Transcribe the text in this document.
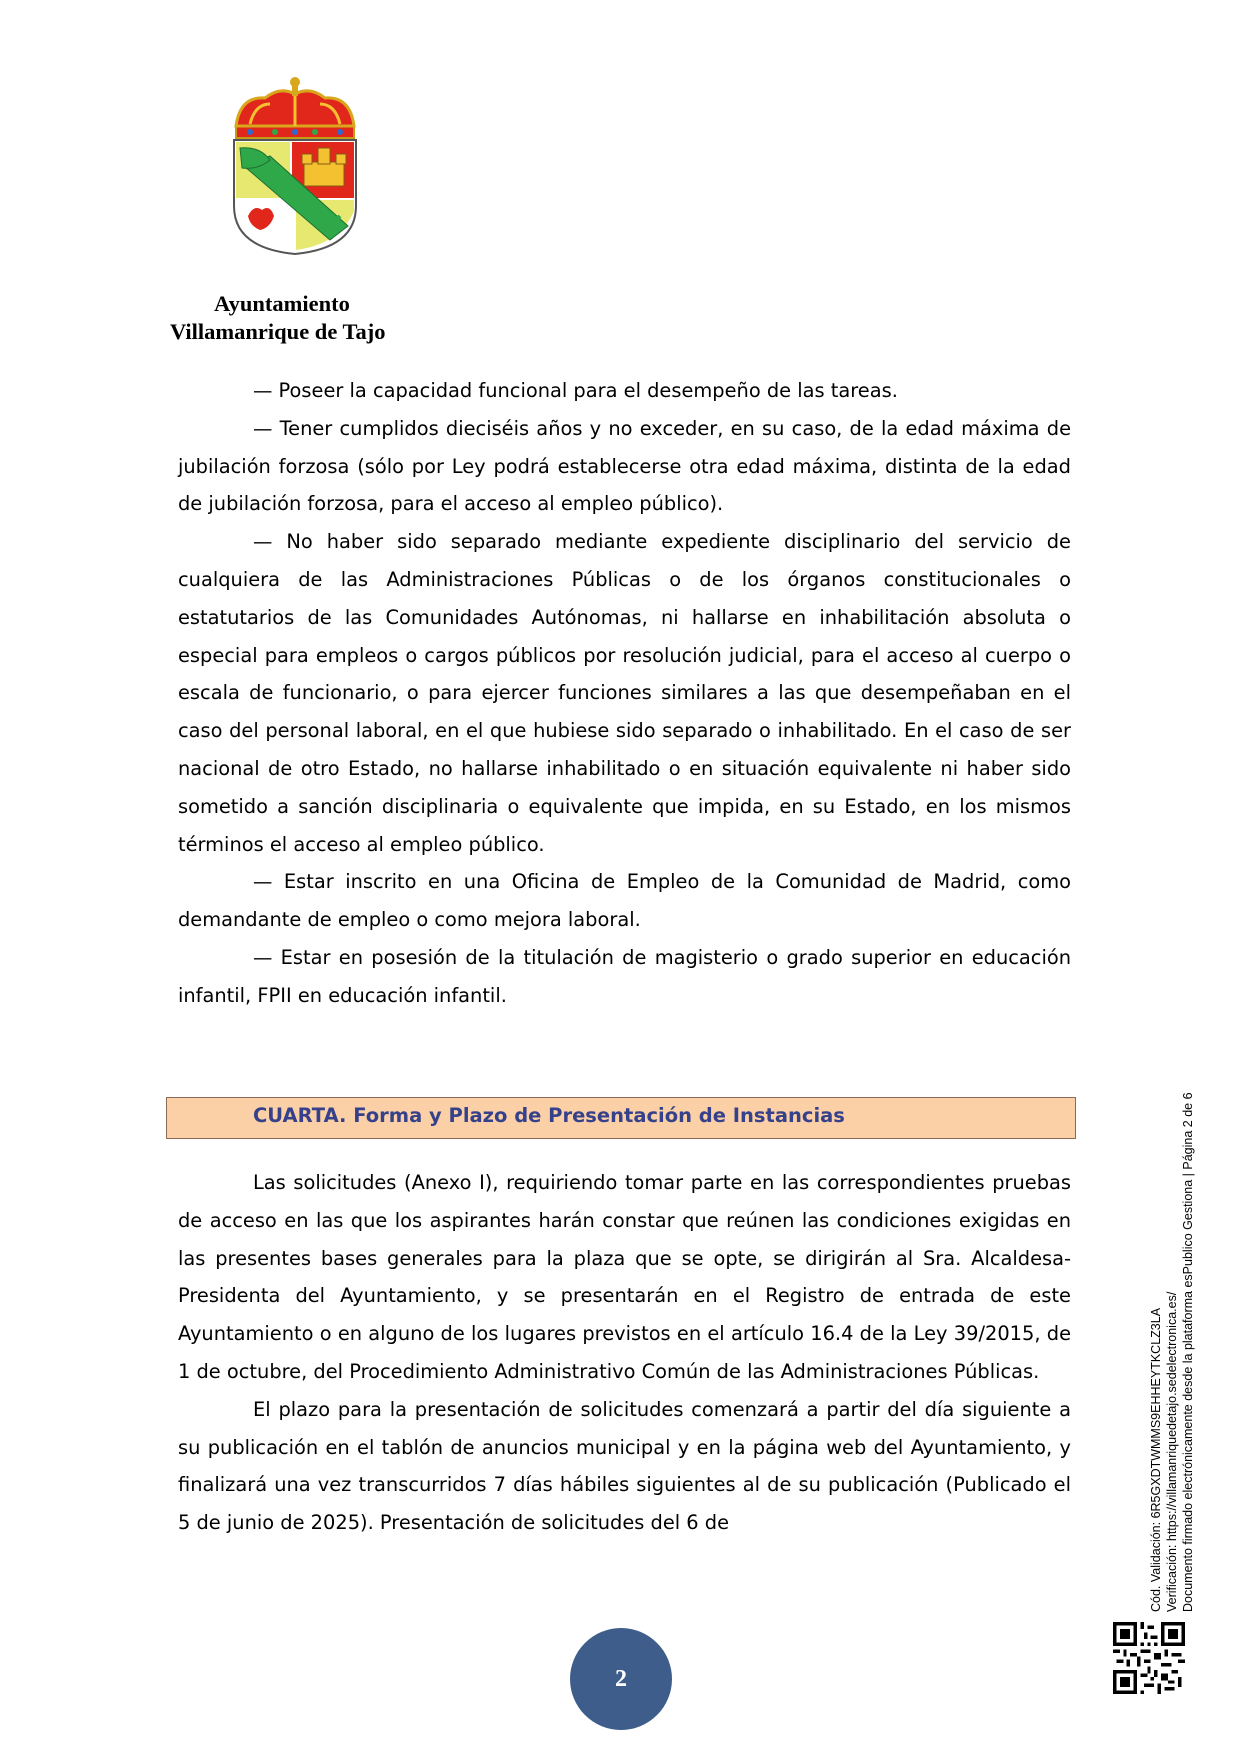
Ayuntamiento
Villamanrique de Tajo

— Poseer la capacidad funcional para el desempeño de las tareas.

— Tener cumplidos dieciséis años y no exceder, en su caso, de la edad máxima de jubilación forzosa (sólo por Ley podrá establecerse otra edad máxima, distinta de la edad de jubilación forzosa, para el acceso al empleo público).

— No haber sido separado mediante expediente disciplinario del servicio de cualquiera de las Administraciones Públicas o de los órganos constitucionales o estatutarios de las Comunidades Autónomas, ni hallarse en inhabilitación absoluta o especial para empleos o cargos públicos por resolución judicial, para el acceso al cuerpo o escala de funcionario, o para ejercer funciones similares a las que desempeñaban en el caso del personal laboral, en el que hubiese sido separado o inhabilitado. En el caso de ser nacional de otro Estado, no hallarse inhabilitado o en situación equivalente ni haber sido sometido a sanción disciplinaria o equivalente que impida, en su Estado, en los mismos términos el acceso al empleo público.

— Estar inscrito en una Oficina de Empleo de la Comunidad de Madrid, como demandante de empleo o como mejora laboral.

— Estar en posesión de la titulación de magisterio o grado superior en educación infantil, FPII en educación infantil.

CUARTA. Forma y Plazo de Presentación de Instancias

Las solicitudes (Anexo I), requiriendo tomar parte en las correspondientes pruebas de acceso en las que los aspirantes harán constar que reúnen las condiciones exigidas en las presentes bases generales para la plaza que se opte, se dirigirán al Sra. Alcaldesa-Presidenta del Ayuntamiento, y se presentarán en el Registro de entrada de este Ayuntamiento o en alguno de los lugares previstos en el artículo 16.4 de la Ley 39/2015, de 1 de octubre, del Procedimiento Administrativo Común de las Administraciones Públicas.

El plazo para la presentación de solicitudes comenzará a partir del día siguiente a su publicación en el tablón de anuncios municipal y en la página web del Ayuntamiento, y finalizará una vez transcurridos 7 días hábiles siguientes al de su publicación (Publicado el 5 de junio de 2025). Presentación de solicitudes del 6 de	Cód. Validación: 6R5GXDTWMMS9EHHEYTKCLZ3LA Verificación: https://villamanriquedetajo.sedelectronica.es/ Documento firmado electrónicamente desde la plataforma esPublico Gestiona | Página 2 de 6
2
